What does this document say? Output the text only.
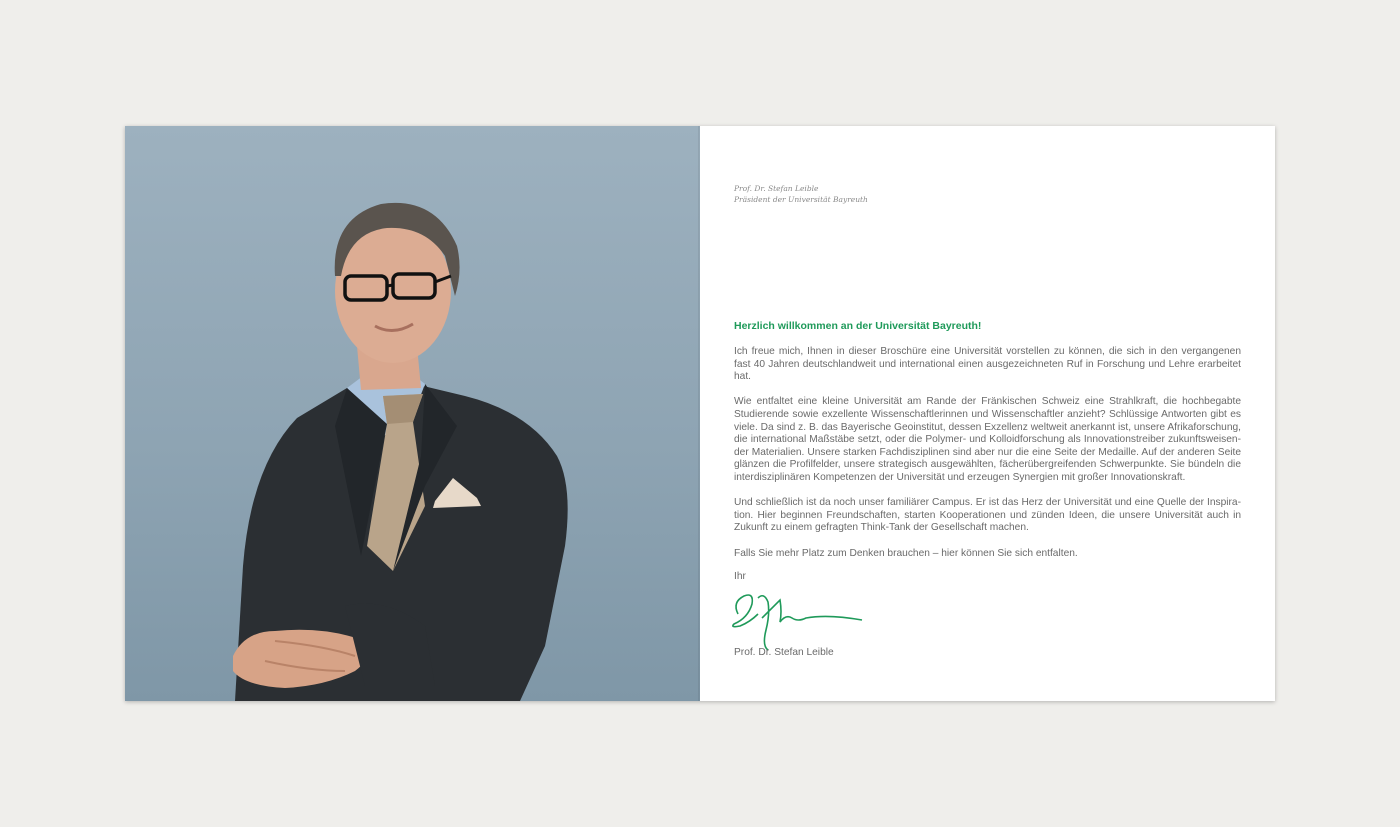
Prof. Dr. Stefan Leible
Präsident der Universität Bayreuth
Herzlich willkommen an der Universität Bayreuth!

Ich freue mich, Ihnen in dieser Broschüre eine Universität vorstellen zu können, die sich in den vergangenen fast 40 Jahren deutschlandweit und international einen ausgezeichneten Ruf in Forschung und Lehre erarbeitet hat.

Wie entfaltet eine kleine Universität am Rande der Fränkischen Schweiz eine Strahlkraft, die hochbegabte Studierende sowie exzellente Wissenschaftlerinnen und Wissenschaftler anzieht? Schlüssige Antworten gibt es viele. Da sind z. B. das Bayerische Geoinstitut, dessen Exzellenz weltweit anerkannt ist, unsere Afrikaforschung, die international Maßstäbe setzt, oder die Polymer- und Kolloidforschung als Innovationstreiber zukunftsweisender Materialien. Unsere starken Fachdisziplinen sind aber nur die eine Seite der Medaille. Auf der anderen Seite glänzen die Profilfelder, unsere strategisch ausgewählten, fächerübergreifenden Schwerpunkte. Sie bündeln die interdisziplinären Kompetenzen der Universität und erzeugen Synergien mit großer Innovationskraft.

Und schließlich ist da noch unser familiärer Campus. Er ist das Herz der Universität und eine Quelle der Inspiration. Hier beginnen Freundschaften, starten Kooperationen und zünden Ideen, die unsere Universität auch in Zukunft zu einem gefragten Think-Tank der Gesellschaft machen.

Falls Sie mehr Platz zum Denken brauchen – hier können Sie sich entfalten.

Ihr
Prof. Dr. Stefan Leible
